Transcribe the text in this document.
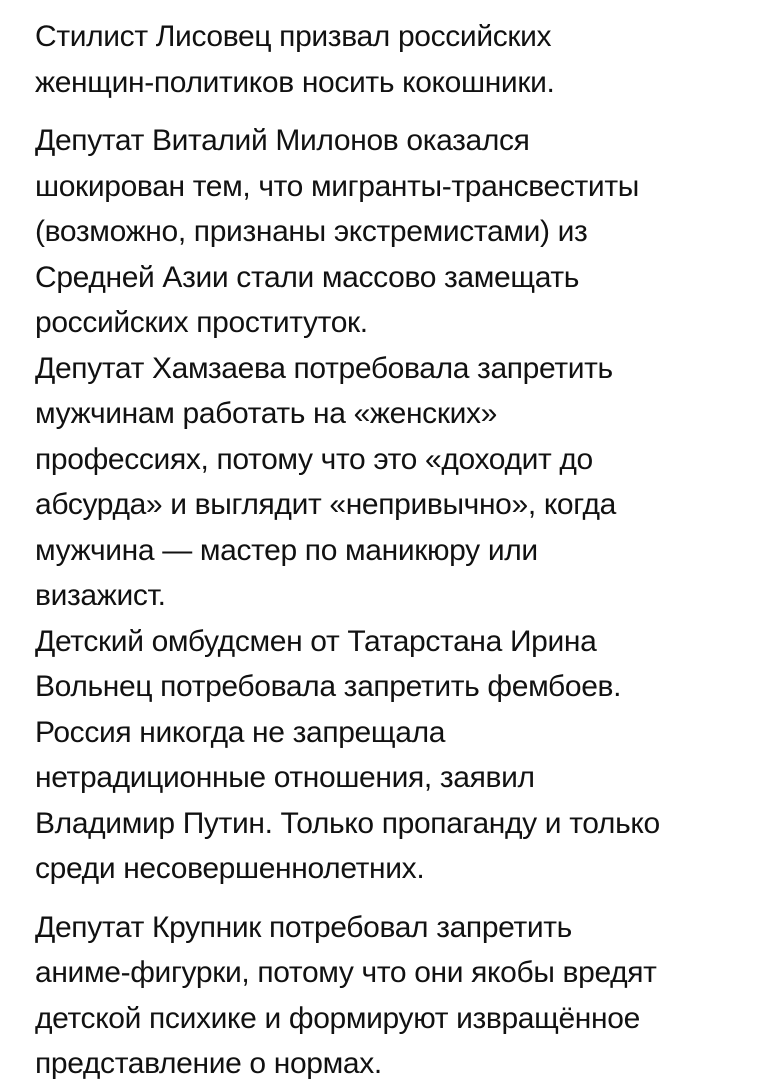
Стилист Лисовец призвал российских
женщин-политиков носить кокошники.
Депутат Виталий Милонов оказался
шокирован тем, что мигранты-трансвеститы
(возможно, признаны экстремистами) из
Средней Азии стали массово замещать
российских проституток.
Депутат Хамзаева потребовала запретить
мужчинам работать на «женских»
профессиях, потому что это «доходит до
абсурда» и выглядит «непривычно», когда
мужчина — мастер по маникюру или
визажист.
Детский омбудсмен от Татарстана Ирина
Вольнец потребовала запретить фембоев.
Россия никогда не запрещала
нетрадиционные отношения, заявил
Владимир Путин. Только пропаганду и только
среди несовершеннолетних.
Депутат Крупник потребовал запретить
аниме-фигурки, потому что они якобы вредят
детской психике и формируют извращённое
представление о нормах.
